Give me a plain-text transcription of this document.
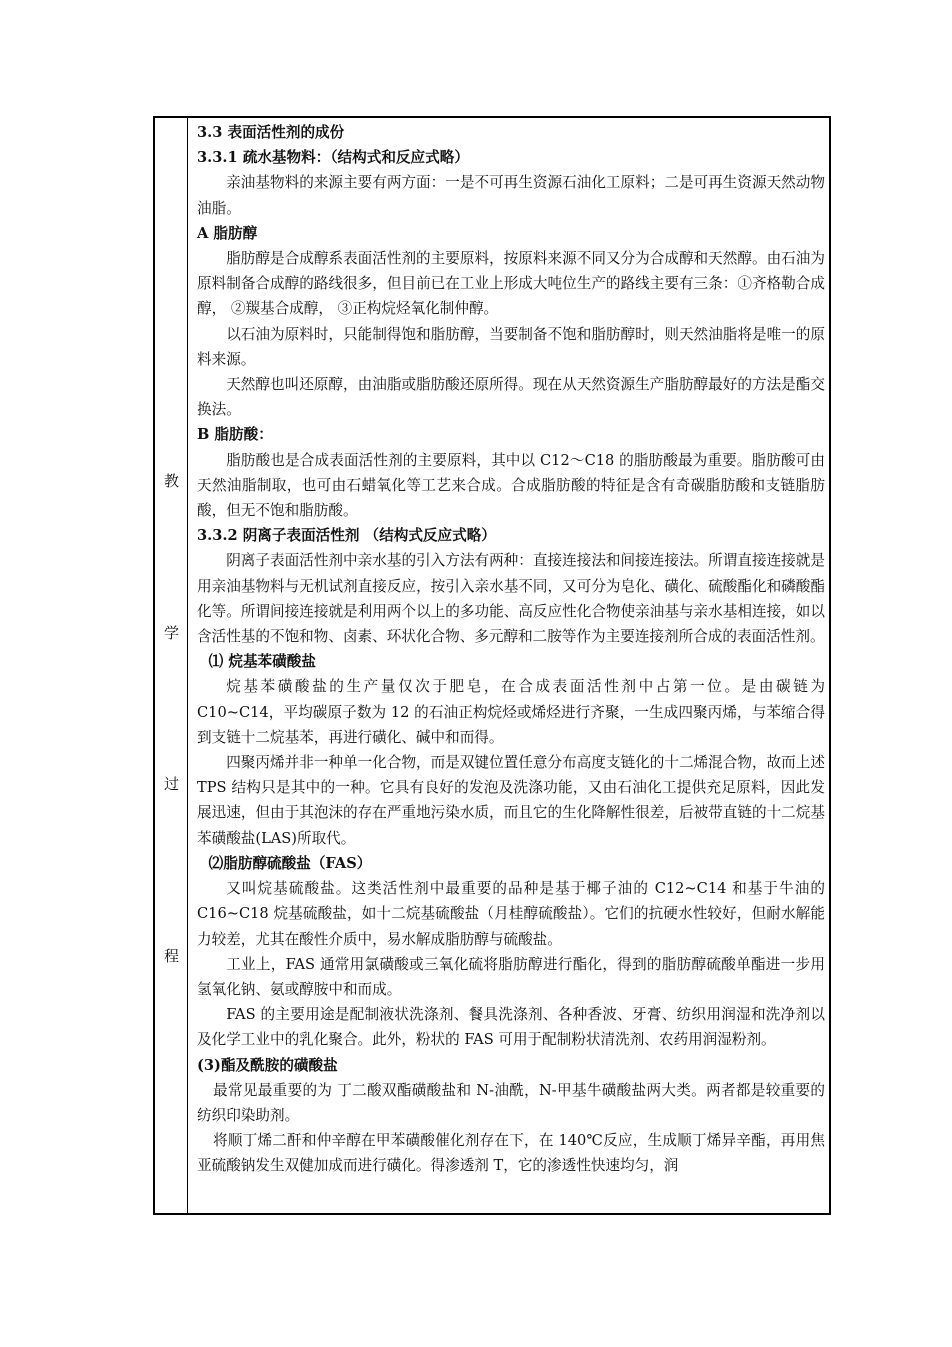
教
学
过
程

3.3 表面活性剂的成份

3.3.1 疏水基物料：（结构式和反应式略）

亲油基物料的来源主要有两方面：一是不可再生资源石油化工原料；二是可再生资源天然动物油脂。

A 脂肪醇

脂肪醇是合成醇系表面活性剂的主要原料，按原料来源不同又分为合成醇和天然醇。由石油为原料制备合成醇的路线很多，但目前已在工业上形成大吨位生产的路线主要有三条：①齐格勒合成醇， ②羰基合成醇， ③正构烷烃氧化制仲醇。

以石油为原料时，只能制得饱和脂肪醇，当要制备不饱和脂肪醇时，则天然油脂将是唯一的原料来源。

天然醇也叫还原醇，由油脂或脂肪酸还原所得。现在从天然资源生产脂肪醇最好的方法是酯交换法。

B 脂肪酸：

脂肪酸也是合成表面活性剂的主要原料，其中以 C12～C18 的脂肪酸最为重要。脂肪酸可由天然油脂制取，也可由石蜡氧化等工艺来合成。合成脂肪酸的特征是含有奇碳脂肪酸和支链脂肪酸，但无不饱和脂肪酸。

3.3.2 阴离子表面活性剂 （结构式反应式略）

阴离子表面活性剂中亲水基的引入方法有两种：直接连接法和间接连接法。所谓直接连接就是用亲油基物料与无机试剂直接反应，按引入亲水基不同，又可分为皂化、磺化、硫酸酯化和磷酸酯化等。所谓间接连接就是利用两个以上的多功能、高反应性化合物使亲油基与亲水基相连接，如以含活性基的不饱和物、卤素、环状化合物、多元醇和二胺等作为主要连接剂所合成的表面活性剂。

⑴ 烷基苯磺酸盐

烷基苯磺酸盐的生产量仅次于肥皂，在合成表面活性剂中占第一位。是由碳链为 C10~C14，平均碳原子数为 12 的石油正构烷烃或烯烃进行齐聚，一生成四聚丙烯，与苯缩合得到支链十二烷基苯，再进行磺化、碱中和而得。

四聚丙烯并非一种单一化合物，而是双键位置任意分布高度支链化的十二烯混合物，故而上述 TPS 结构只是其中的一种。它具有良好的发泡及洗涤功能，又由石油化工提供充足原料，因此发展迅速，但由于其泡沫的存在严重地污染水质，而且它的生化降解性很差，后被带直链的十二烷基苯磺酸盐(LAS)所取代。

⑵脂肪醇硫酸盐（FAS）

又叫烷基硫酸盐。这类活性剂中最重要的品种是基于椰子油的 C12~C14 和基于牛油的 C16~C18 烷基硫酸盐，如十二烷基硫酸盐（月桂醇硫酸盐）。它们的抗硬水性较好，但耐水解能力较差，尤其在酸性介质中，易水解成脂肪醇与硫酸盐。

工业上，FAS 通常用氯磺酸或三氧化硫将脂肪醇进行酯化，得到的脂肪醇硫酸单酯进一步用氢氧化钠、氨或醇胺中和而成。

FAS 的主要用途是配制液状洗涤剂、餐具洗涤剂、各种香波、牙膏、纺织用润湿和洗净剂以及化学工业中的乳化聚合。此外，粉状的 FAS 可用于配制粉状清洗剂、农药用润湿粉剂。

(3)酯及酰胺的磺酸盐

最常见最重要的为 丁二酸双酯磺酸盐和 N-油酰，N-甲基牛磺酸盐两大类。两者都是较重要的纺织印染助剂。

将顺丁烯二酐和仲辛醇在甲苯磺酸催化剂存在下，在 140℃反应，生成顺丁烯异辛酯，再用焦亚硫酸钠发生双健加成而进行磺化。得渗透剂 T，它的渗透性快速均匀，润
